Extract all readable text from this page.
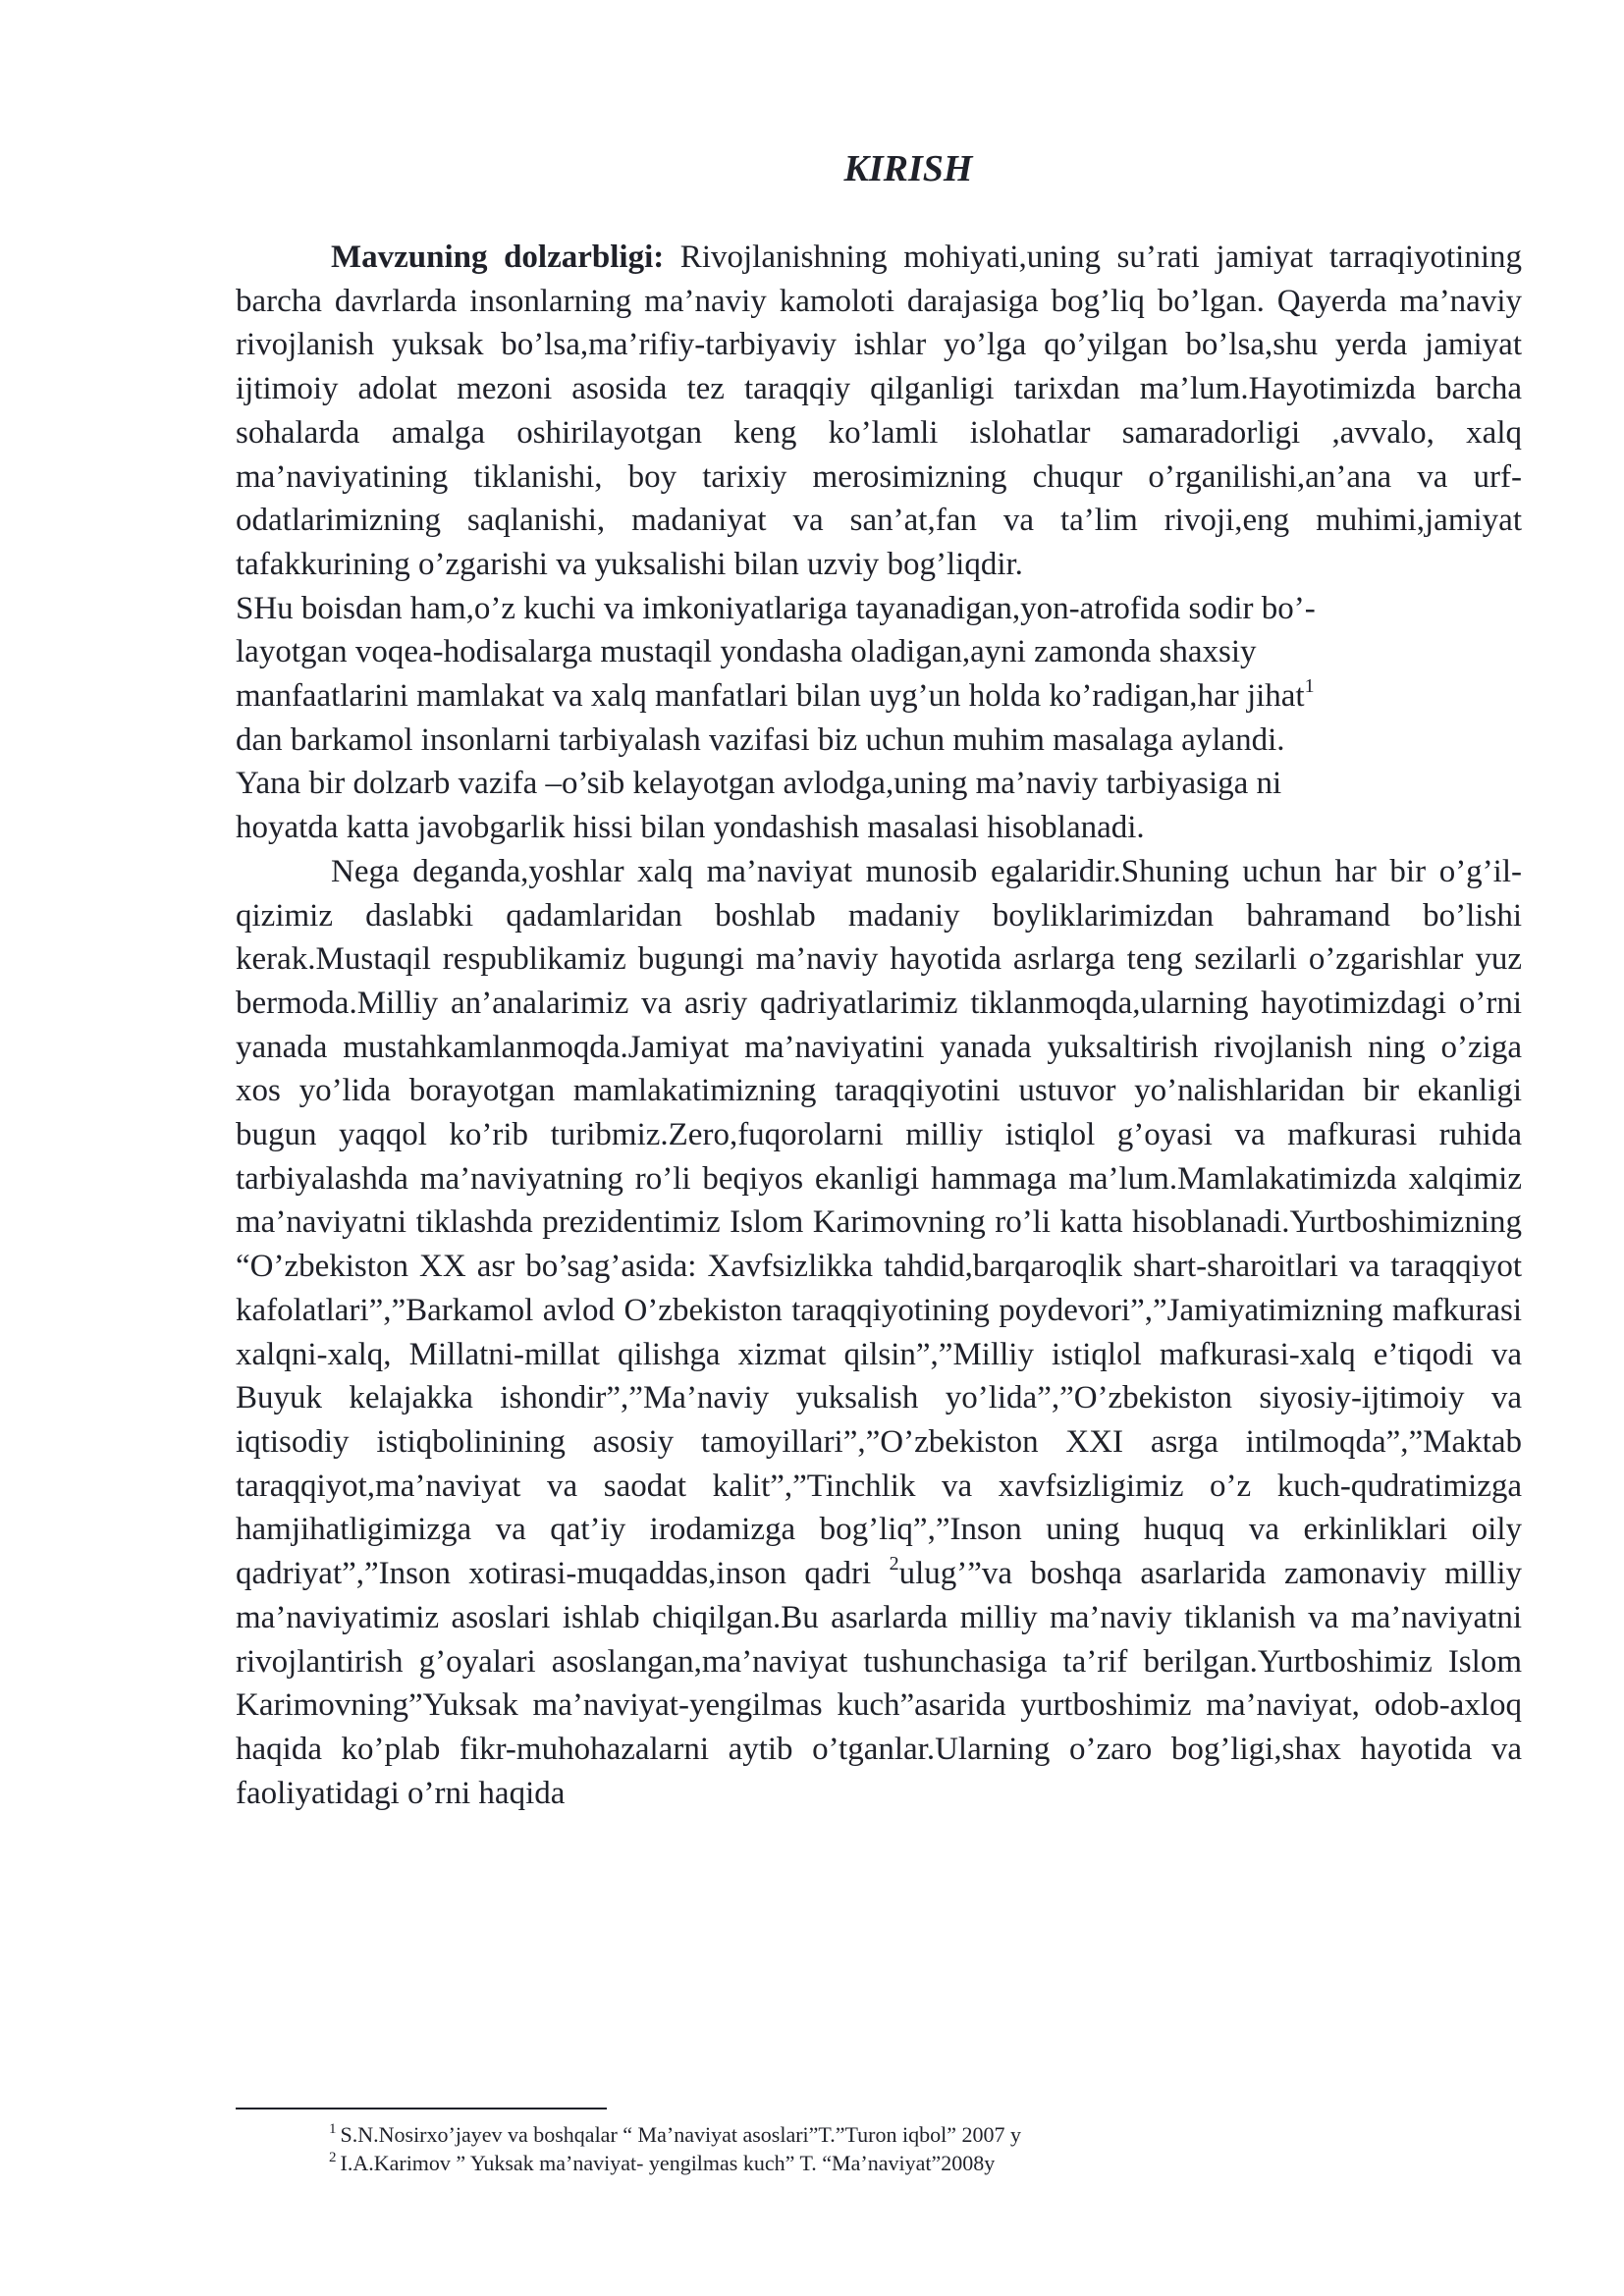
KIRISH

Mavzuning dolzarbligi: Rivojlanishning mohiyati,uning su’rati jamiyat tarraqiyotining barcha davrlarda insonlarning ma’naviy kamoloti darajasiga bog’liq bo’lgan. Qayerda ma’naviy rivojlanish yuksak bo’lsa,ma’rifiy-tarbiyaviy ishlar yo’lga qo’yilgan bo’lsa,shu yerda jamiyat ijtimoiy adolat mezoni asosida tez taraqqiy qilganligi tarixdan ma’lum.Hayotimizda barcha sohalarda amalga oshirilayotgan keng ko’lamli islohatlar samaradorligi ,avvalo, xalq ma’naviyatining tiklanishi, boy tarixiy merosimizning chuqur o’rganilishi,an’ana va urf-odatlarimizning saqlanishi, madaniyat va san’at,fan va ta’lim rivoji,eng muhimi,jamiyat tafakkurining o’zgarishi va yuksalishi bilan uzviy bog’liqdir.

SHu boisdan ham,o’z kuchi va imkoniyatlariga tayanadigan,yon-atrofida sodir bo’-
layotgan voqea-hodisalarga mustaqil yondasha oladigan,ayni zamonda shaxsiy
manfaatlarini mamlakat va xalq manfatlari bilan uyg’un holda ko’radigan,har jihat$^1$
dan barkamol insonlarni tarbiyalash vazifasi biz uchun muhim masalaga aylandi.
Yana bir dolzarb vazifa –o’sib kelayotgan avlodga,uning ma’naviy tarbiyasiga ni
hoyatda katta javobgarlik hissi bilan yondashish masalasi hisoblanadi.

Nega deganda,yoshlar xalq ma’naviyat munosib egalaridir.Shuning uchun har bir o’g’il-qizimiz daslabki qadamlaridan boshlab madaniy boyliklarimizdan bahramand bo’lishi kerak.Mustaqil respublikamiz bugungi ma’naviy hayotida asrlarga teng sezilarli o’zgarishlar yuz bermoda.Milliy an’analarimiz va asriy qadriyatlarimiz tiklanmoqda,ularning hayotimizdagi o’rni yanada mustahkamlanmoqda.Jamiyat ma’naviyatini yanada yuksaltirish rivojlanish ning o’ziga xos yo’lida borayotgan mamlakatimizning taraqqiyotini ustuvor yo’nalishlaridan bir ekanligi bugun yaqqol ko’rib turibmiz.Zero,fuqorolarni milliy istiqlol g’oyasi va mafkurasi ruhida tarbiyalashda ma’naviyatning ro’li beqiyos ekanligi hammaga ma’lum.Mamlakatimizda xalqimiz ma’naviyatni tiklashda prezidentimiz Islom Karimovning ro’li katta hisoblanadi.Yurtboshimizning “O’zbekiston XX asr bo’sag’asida: Xavfsizlikka tahdid,barqaroqlik shart-sharoitlari va taraqqiyot kafolatlari”,”Barkamol avlod O’zbekiston taraqqiyotining poydevori”,”Jamiyatimizning mafkurasi xalqni-xalq, Millatni-millat qilishga xizmat qilsin”,”Milliy istiqlol mafkurasi-xalq e’tiqodi va Buyuk kelajakka ishondir”,”Ma’naviy yuksalish yo’lida”,”O’zbekiston siyosiy-ijtimoiy va iqtisodiy istiqbolinining asosiy tamoyillari”,”O’zbekiston XXI asrga intilmoqda”,”Maktab taraqqiyot,ma’naviyat va saodat kalit”,”Tinchlik va xavfsizligimiz o’z kuch-qudratimizga hamjihatligimizga va qat’iy irodamizga bog’liq”,”Inson uning huquq va erkinliklari oily qadriyat”,”Inson xotirasi-muqaddas,inson qadri $^2$ulug’”va boshqa asarlarida zamonaviy milliy ma’naviyatimiz asoslari ishlab chiqilgan.Bu asarlarda milliy ma’naviy tiklanish va ma’naviyatni rivojlantirish g’oyalari asoslangan,ma’naviyat tushunchasiga ta’rif berilgan.Yurtboshimiz Islom Karimovning”Yuksak ma’naviyat-yengilmas kuch”asarida yurtboshimiz ma’naviyat, odob-axloq haqida ko’plab fikr-muhohazalarni aytib o’tganlar.Ularning o’zaro bog’ligi,shax hayotida va faoliyatidagi o’rni haqida

$^1$ S.N.Nosirxo’jayev va boshqalar “ Ma’naviyat asoslari”T.”Turon iqbol” 2007 y
$^2$ I.A.Karimov ” Yuksak ma’naviyat- yengilmas kuch” T. “Ma’naviyat”2008y
